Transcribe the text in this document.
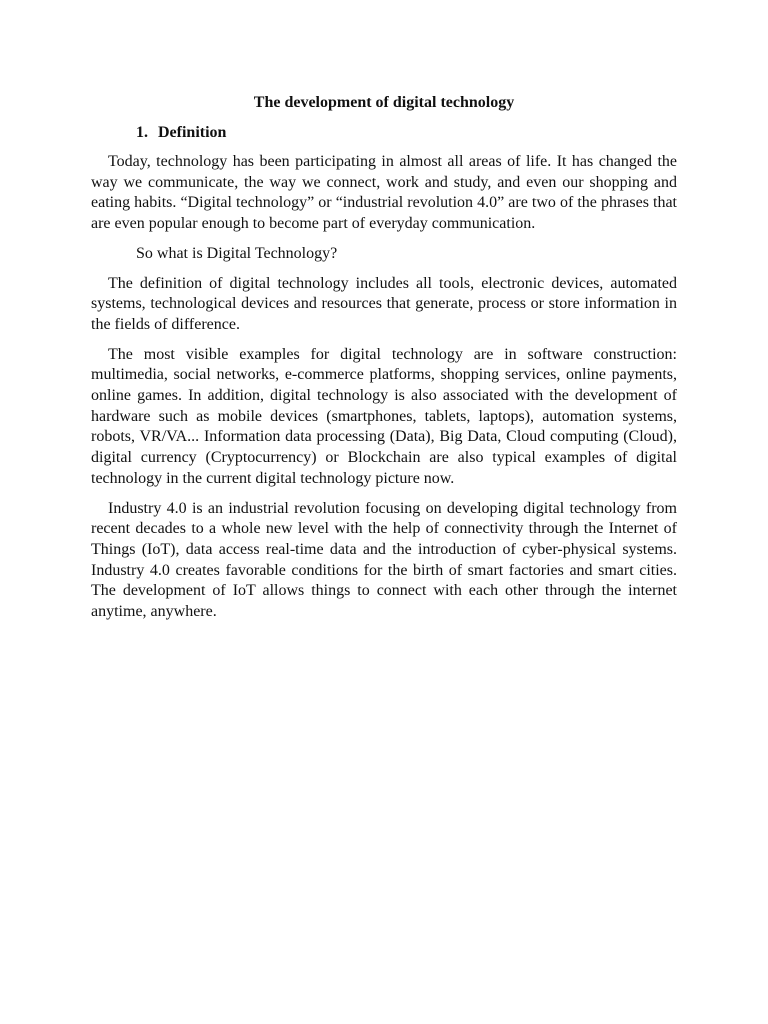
The development of digital technology
1. Definition

Today, technology has been participating in almost all areas of life. It has changed the way we communicate, the way we connect, work and study, and even our shopping and eating habits. “Digital technology” or “industrial revolution 4.0” are two of the phrases that are even popular enough to become part of everyday communication.

So what is Digital Technology?

The definition of digital technology includes all tools, electronic devices, automated systems, technological devices and resources that generate, process or store information in the fields of difference.

The most visible examples for digital technology are in software construction: multimedia, social networks, e-commerce platforms, shopping services, online payments, online games. In addition, digital technology is also associated with the development of hardware such as mobile devices (smartphones, tablets, laptops), automation systems, robots, VR/VA... Information data processing (Data), Big Data, Cloud computing (Cloud), digital currency (Cryptocurrency) or Blockchain are also typical examples of digital technology in the current digital technology picture now.

Industry 4.0 is an industrial revolution focusing on developing digital technology from recent decades to a whole new level with the help of connectivity through the Internet of Things (IoT), data access real-time data and the introduction of cyber-physical systems. Industry 4.0 creates favorable conditions for the birth of smart factories and smart cities. The development of IoT allows things to connect with each other through the internet anytime, anywhere.
